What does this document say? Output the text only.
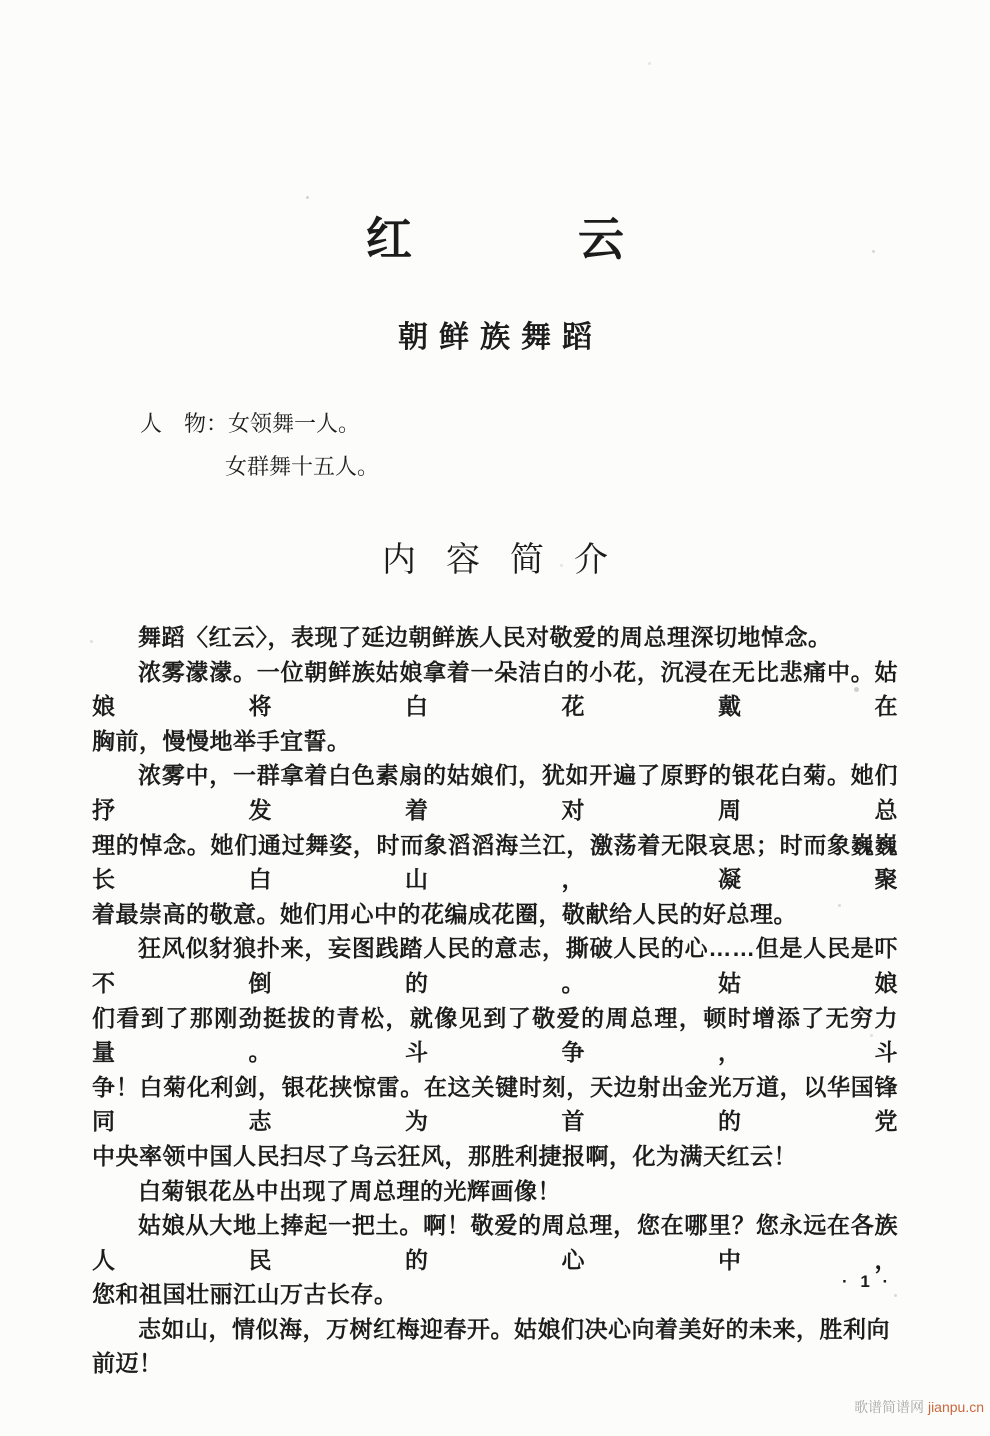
红	云
朝鲜族舞蹈
人　物：女领舞一人。
女群舞十五人。
内容简介
舞蹈〈红云〉，表现了延边朝鲜族人民对敬爱的周总理深切地悼念。
浓雾濛濛。一位朝鲜族姑娘拿着一朵洁白的小花，沉浸在无比悲痛中。姑娘将白花戴在
胸前，慢慢地举手宜誓。
浓雾中，一群拿着白色素扇的姑娘们，犹如开遍了原野的银花白菊。她们抒发着对周总
理的悼念。她们通过舞姿，时而象滔滔海兰江，激荡着无限哀思；时而象巍巍长白山，凝聚
着最崇高的敬意。她们用心中的花编成花圈，敬献给人民的好总理。
狂风似豺狼扑来，妄图践踏人民的意志，撕破人民的心……但是人民是吓不倒的。姑娘
们看到了那刚劲挺拔的青松，就像见到了敬爱的周总理，顿时增添了无穷力量。斗争，斗
争！白菊化利剑，银花挟惊雷。在这关键时刻，天边射出金光万道，以华国锋同志为首的党
中央率领中国人民扫尽了乌云狂风，那胜利捷报啊，化为满天红云！
白菊银花丛中出现了周总理的光辉画像！
姑娘从大地上捧起一把土。啊！敬爱的周总理，您在哪里？您永远在各族人民的心中，
您和祖国壮丽江山万古长存。
志如山，情似海，万树红梅迎春开。姑娘们决心向着美好的未来，胜利向前迈！
· 1 ·
歌谱简谱网 jianpu.cn
